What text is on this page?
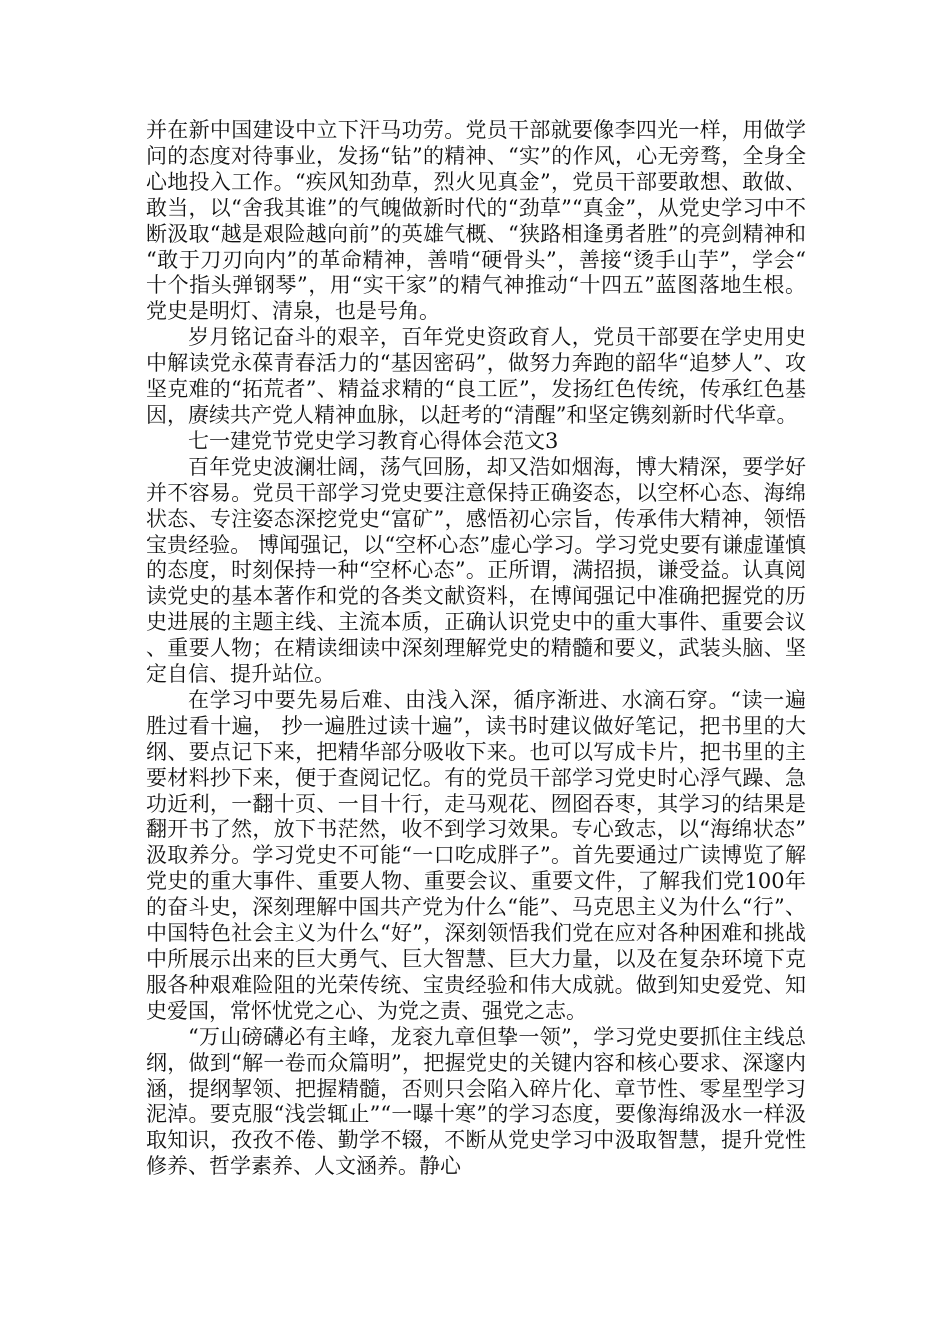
并在新中国建设中立下汗马功劳。党员干部就要像李四光一样，用做学问的态度对待事业，发扬“钻”的精神、“实”的作风，心无旁骛，全身全心地投入工作。“疾风知劲草，烈火见真金”，党员干部要敢想、敢做、敢当，以“舍我其谁”的气魄做新时代的“劲草”“真金”，从党史学习中不断汲取“越是艰险越向前”的英雄气概、“狭路相逢勇者胜”的亮剑精神和“敢于刀刃向内”的革命精神，善啃“硬骨头”，善接“烫手山芋”，学会“十个指头弹钢琴”，用“实干家”的精气神推动“十四五”蓝图落地生根。党史是明灯、清泉，也是号角。

岁月铭记奋斗的艰辛，百年党史资政育人，党员干部要在学史用史中解读党永葆青春活力的“基因密码”，做努力奔跑的韶华“追梦人”、攻坚克难的“拓荒者”、精益求精的“良工匠”，发扬红色传统，传承红色基因，赓续共产党人精神血脉，以赶考的“清醒”和坚定镌刻新时代华章。

七一建党节党史学习教育心得体会范文3

百年党史波澜壮阔，荡气回肠，却又浩如烟海，博大精深，要学好并不容易。党员干部学习党史要注意保持正确姿态，以空杯心态、海绵状态、专注姿态深挖党史“富矿”，感悟初心宗旨，传承伟大精神，领悟宝贵经验。 博闻强记，以“空杯心态”虚心学习。学习党史要有谦虚谨慎的态度，时刻保持一种“空杯心态”。正所谓，满招损，谦受益。认真阅读党史的基本著作和党的各类文献资料，在博闻强记中准确把握党的历史进展的主题主线、主流本质，正确认识党史中的重大事件、重要会议、重要人物；在精读细读中深刻理解党史的精髓和要义，武装头脑、坚定自信、提升站位。

在学习中要先易后难、由浅入深，循序渐进、水滴石穿。“读一遍胜过看十遍， 抄一遍胜过读十遍”，读书时建议做好笔记，把书里的大纲、要点记下来，把精华部分吸收下来。也可以写成卡片，把书里的主要材料抄下来，便于查阅记忆。有的党员干部学习党史时心浮气躁、急功近利，一翻十页、一目十行，走马观花、囫囵吞枣，其学习的结果是翻开书了然，放下书茫然，收不到学习效果。专心致志，以“海绵状态”汲取养分。学习党史不可能“一口吃成胖子”。首先要通过广读博览了解党史的重大事件、重要人物、重要会议、重要文件，了解我们党100年的奋斗史，深刻理解中国共产党为什么“能”、马克思主义为什么“行”、中国特色社会主义为什么“好”，深刻领悟我们党在应对各种困难和挑战中所展示出来的巨大勇气、巨大智慧、巨大力量，以及在复杂环境下克服各种艰难险阻的光荣传统、宝贵经验和伟大成就。做到知史爱党、知史爱国，常怀忧党之心、为党之责、强党之志。

“万山磅礴必有主峰，龙衮九章但挚一领”，学习党史要抓住主线总纲，做到“解一卷而众篇明”，把握党史的关键内容和核心要求、深邃内涵，提纲挈领、把握精髓，否则只会陷入碎片化、章节性、零星型学习泥淖。要克服“浅尝辄止”“一曝十寒”的学习态度，要像海绵汲水一样汲取知识，孜孜不倦、勤学不辍，不断从党史学习中汲取智慧，提升党性修养、哲学素养、人文涵养。静心
